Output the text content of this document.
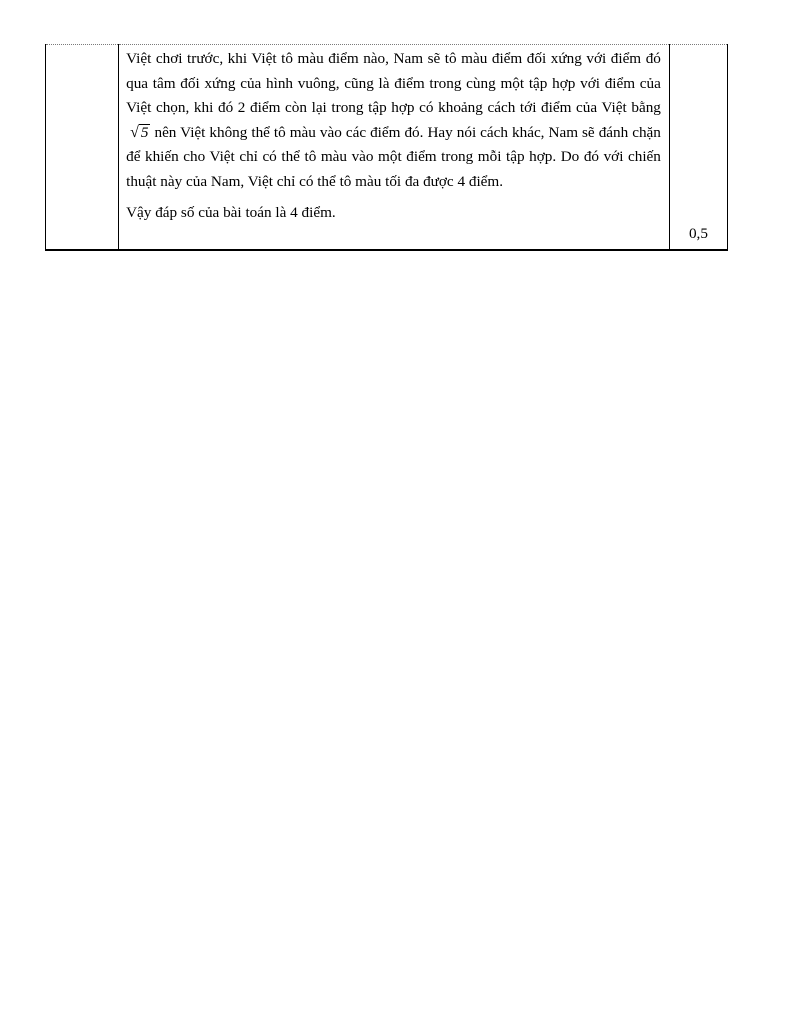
Việt chơi trước, khi Việt tô màu điểm nào, Nam sẽ tô màu điểm đối xứng với điểm đó qua tâm đối xứng của hình vuông, cũng là điểm trong cùng một tập hợp với điểm của Việt chọn, khi đó 2 điểm còn lại trong tập hợp có khoảng cách tới điểm của Việt bằng√ 5 nên Việt không thể tô màu vào các điểm đó. Hay nói cách khác, Nam sẽ đánh chặn để khiến cho Việt chỉ có thể tô màu vào một điểm trong mỗi tập hợp. Do đó với chiến thuật này của Nam, Việt chỉ có thể tô màu tối đa được 4 điểm.

Vậy đáp số của bài toán là 4 điểm.

	0,5
